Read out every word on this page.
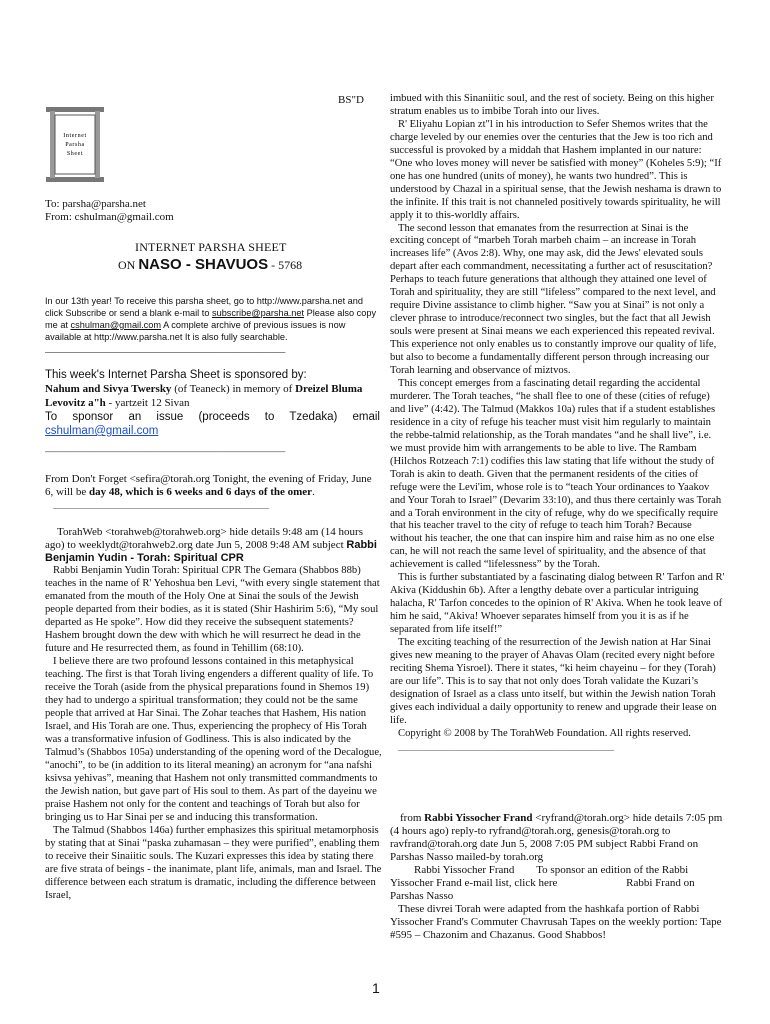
BS"D
Internet
Parsha
Sheet
To: parsha@parsha.net
From: cshulman@gmail.com
INTERNET PARSHA SHEET
ON NASO - SHAVUOS - 5768
In our 13th year! To receive this parsha sheet, go to http://www.parsha.net and click Subscribe or send a blank e-mail to subscribe@parsha.net Please also copy me at cshulman@gmail.com A complete archive of previous issues is now available at http://www.parsha.net It is also fully searchable.
________________________________________________
This week's Internet Parsha Sheet is sponsored by:
Nahum and Sivya Twersky (of Teaneck) in memory of Dreizel Bluma Levovitz a"h - yartzeit 12 Sivan
To sponsor an issue (proceeds to Tzedaka) email
cshulman@gmail.com
________________________________________________
From Don't Forget <sefira@torah.org Tonight, the evening of Friday, June 6, will be day 48, which is 6 weeks and 6 days of the omer.
________________________________________________
TorahWeb <torahweb@torahweb.org> hide details 9:48 am (14 hours ago) to weeklydt@torahweb2.org date Jun 5, 2008 9:48 AM subject Rabbi Benjamin Yudin - Torah: Spiritual CPR

Rabbi Benjamin Yudin Torah: Spiritual CPR The Gemara (Shabbos 88b) teaches in the name of R' Yehoshua ben Levi, “with every single statement that emanated from the mouth of the Holy One at Sinai the souls of the Jewish people departed from their bodies, as it is stated (Shir Hashirim 5:6), “My soul departed as He spoke”. How did they receive the subsequent statements? Hashem brought down the dew with which he will resurrect he dead in the future and He resurrected them, as found in Tehillim (68:10).

I believe there are two profound lessons contained in this metaphysical teaching. The first is that Torah living engenders a different quality of life. To receive the Torah (aside from the physical preparations found in Shemos 19) they had to undergo a spiritual transformation; they could not be the same people that arrived at Har Sinai. The Zohar teaches that Hashem, His nation Israel, and His Torah are one. Thus, experiencing the prophecy of His Torah was a transformative infusion of Godliness. This is also indicated by the Talmud’s (Shabbos 105a) understanding of the opening word of the Decalogue, “anochi”, to be (in addition to its literal meaning) an acronym for “ana nafshi ksivsa yehivas”, meaning that Hashem not only transmitted commandments to the Jewish nation, but gave part of His soul to them. As part of the dayeinu we praise Hashem not only for the content and teachings of Torah but also for bringing us to Har Sinai per se and inducing this transformation.

The Talmud (Shabbos 146a) further emphasizes this spiritual metamorphosis by stating that at Sinai “paska zuhamasan – they were purified”, enabling them to receive their Sinaiitic souls. The Kuzari expresses this idea by stating there are five strata of beings - the inanimate, plant life, animals, man and Israel. The difference between each stratum is dramatic, including the difference between Israel,

imbued with this Sinaniitic soul, and the rest of society. Being on this higher stratum enables us to imbibe Torah into our lives.

R' Eliyahu Lopian zt"l in his introduction to Sefer Shemos writes that the charge leveled by our enemies over the centuries that the Jew is too rich and successful is provoked by a middah that Hashem implanted in our nature: “One who loves money will never be satisfied with money” (Koheles 5:9); “If one has one hundred (units of money), he wants two hundred”. This is understood by Chazal in a spiritual sense, that the Jewish neshama is drawn to the infinite. If this trait is not channeled positively towards spirituality, he will apply it to this-worldly affairs.

The second lesson that emanates from the resurrection at Sinai is the exciting concept of “marbeh Torah marbeh chaim – an increase in Torah increases life” (Avos 2:8). Why, one may ask, did the Jews' elevated souls depart after each commandment, necessitating a further act of resuscitation? Perhaps to teach future generations that although they attained one level of Torah and spirituality, they are still “lifeless” compared to the next level, and require Divine assistance to climb higher. “Saw you at Sinai” is not only a clever phrase to introduce/reconnect two singles, but the fact that all Jewish souls were present at Sinai means we each experienced this repeated revival. This experience not only enables us to constantly improve our quality of life, but also to become a fundamentally different person through increasing our Torah learning and observance of miztvos.

This concept emerges from a fascinating detail regarding the accidental murderer. The Torah teaches, “he shall flee to one of these (cities of refuge) and live” (4:42). The Talmud (Makkos 10a) rules that if a student establishes residence in a city of refuge his teacher must visit him regularly to maintain the rebbe-talmid relationship, as the Torah mandates “and he shall live”, i.e. we must provide him with arrangements to be able to live. The Rambam (Hilchos Rotzeach 7:1) codifies this law stating that life without the study of Torah is akin to death. Given that the permanent residents of the cities of refuge were the Levi'im, whose role is to “teach Your ordinances to Yaakov and Your Torah to Israel” (Devarim 33:10), and thus there certainly was Torah and a Torah environment in the city of refuge, why do we specifically require that his teacher travel to the city of refuge to teach him Torah? Because without his teacher, the one that can inspire him and raise him as no one else can, he will not reach the same level of spirituality, and the absence of that achievement is called “lifelessness” by the Torah.

This is further substantiated by a fascinating dialog between R' Tarfon and R' Akiva (Kiddushin 6b). After a lengthy debate over a particular intriguing halacha, R' Tarfon concedes to the opinion of R' Akiva. When he took leave of him he said, “Akiva! Whoever separates himself from you it is as if he separated from life itself!”

The exciting teaching of the resurrection of the Jewish nation at Har Sinai gives new meaning to the prayer of Ahavas Olam (recited every night before reciting Shema Yisroel). There it states, “ki heim chayeinu – for they (Torah) are our life”. This is to say that not only does Torah validate the Kuzari’s designation of Israel as a class unto itself, but within the Jewish nation Torah gives each individual a daily opportunity to renew and upgrade their lease on life.

Copyright © 2008 by The TorahWeb Foundation. All rights reserved.

________________________________________________
from Rabbi Yissocher Frand <ryfrand@torah.org> hide details 7:05 pm (4 hours ago) reply-to ryfrand@torah.org, genesis@torah.org to ravfrand@torah.org date Jun 5, 2008 7:05 PM subject Rabbi Frand on Parshas Nasso mailed-by torah.org
Rabbi Yissocher Frand        To sponsor an edition of the Rabbi Yissocher Frand e-mail list, click here                         Rabbi Frand on Parshas Nasso
These divrei Torah were adapted from the hashkafa portion of Rabbi Yissocher Frand's Commuter Chavrusah Tapes on the weekly portion: Tape #595 – Chazonim and Chazanus. Good Shabbos!
1
